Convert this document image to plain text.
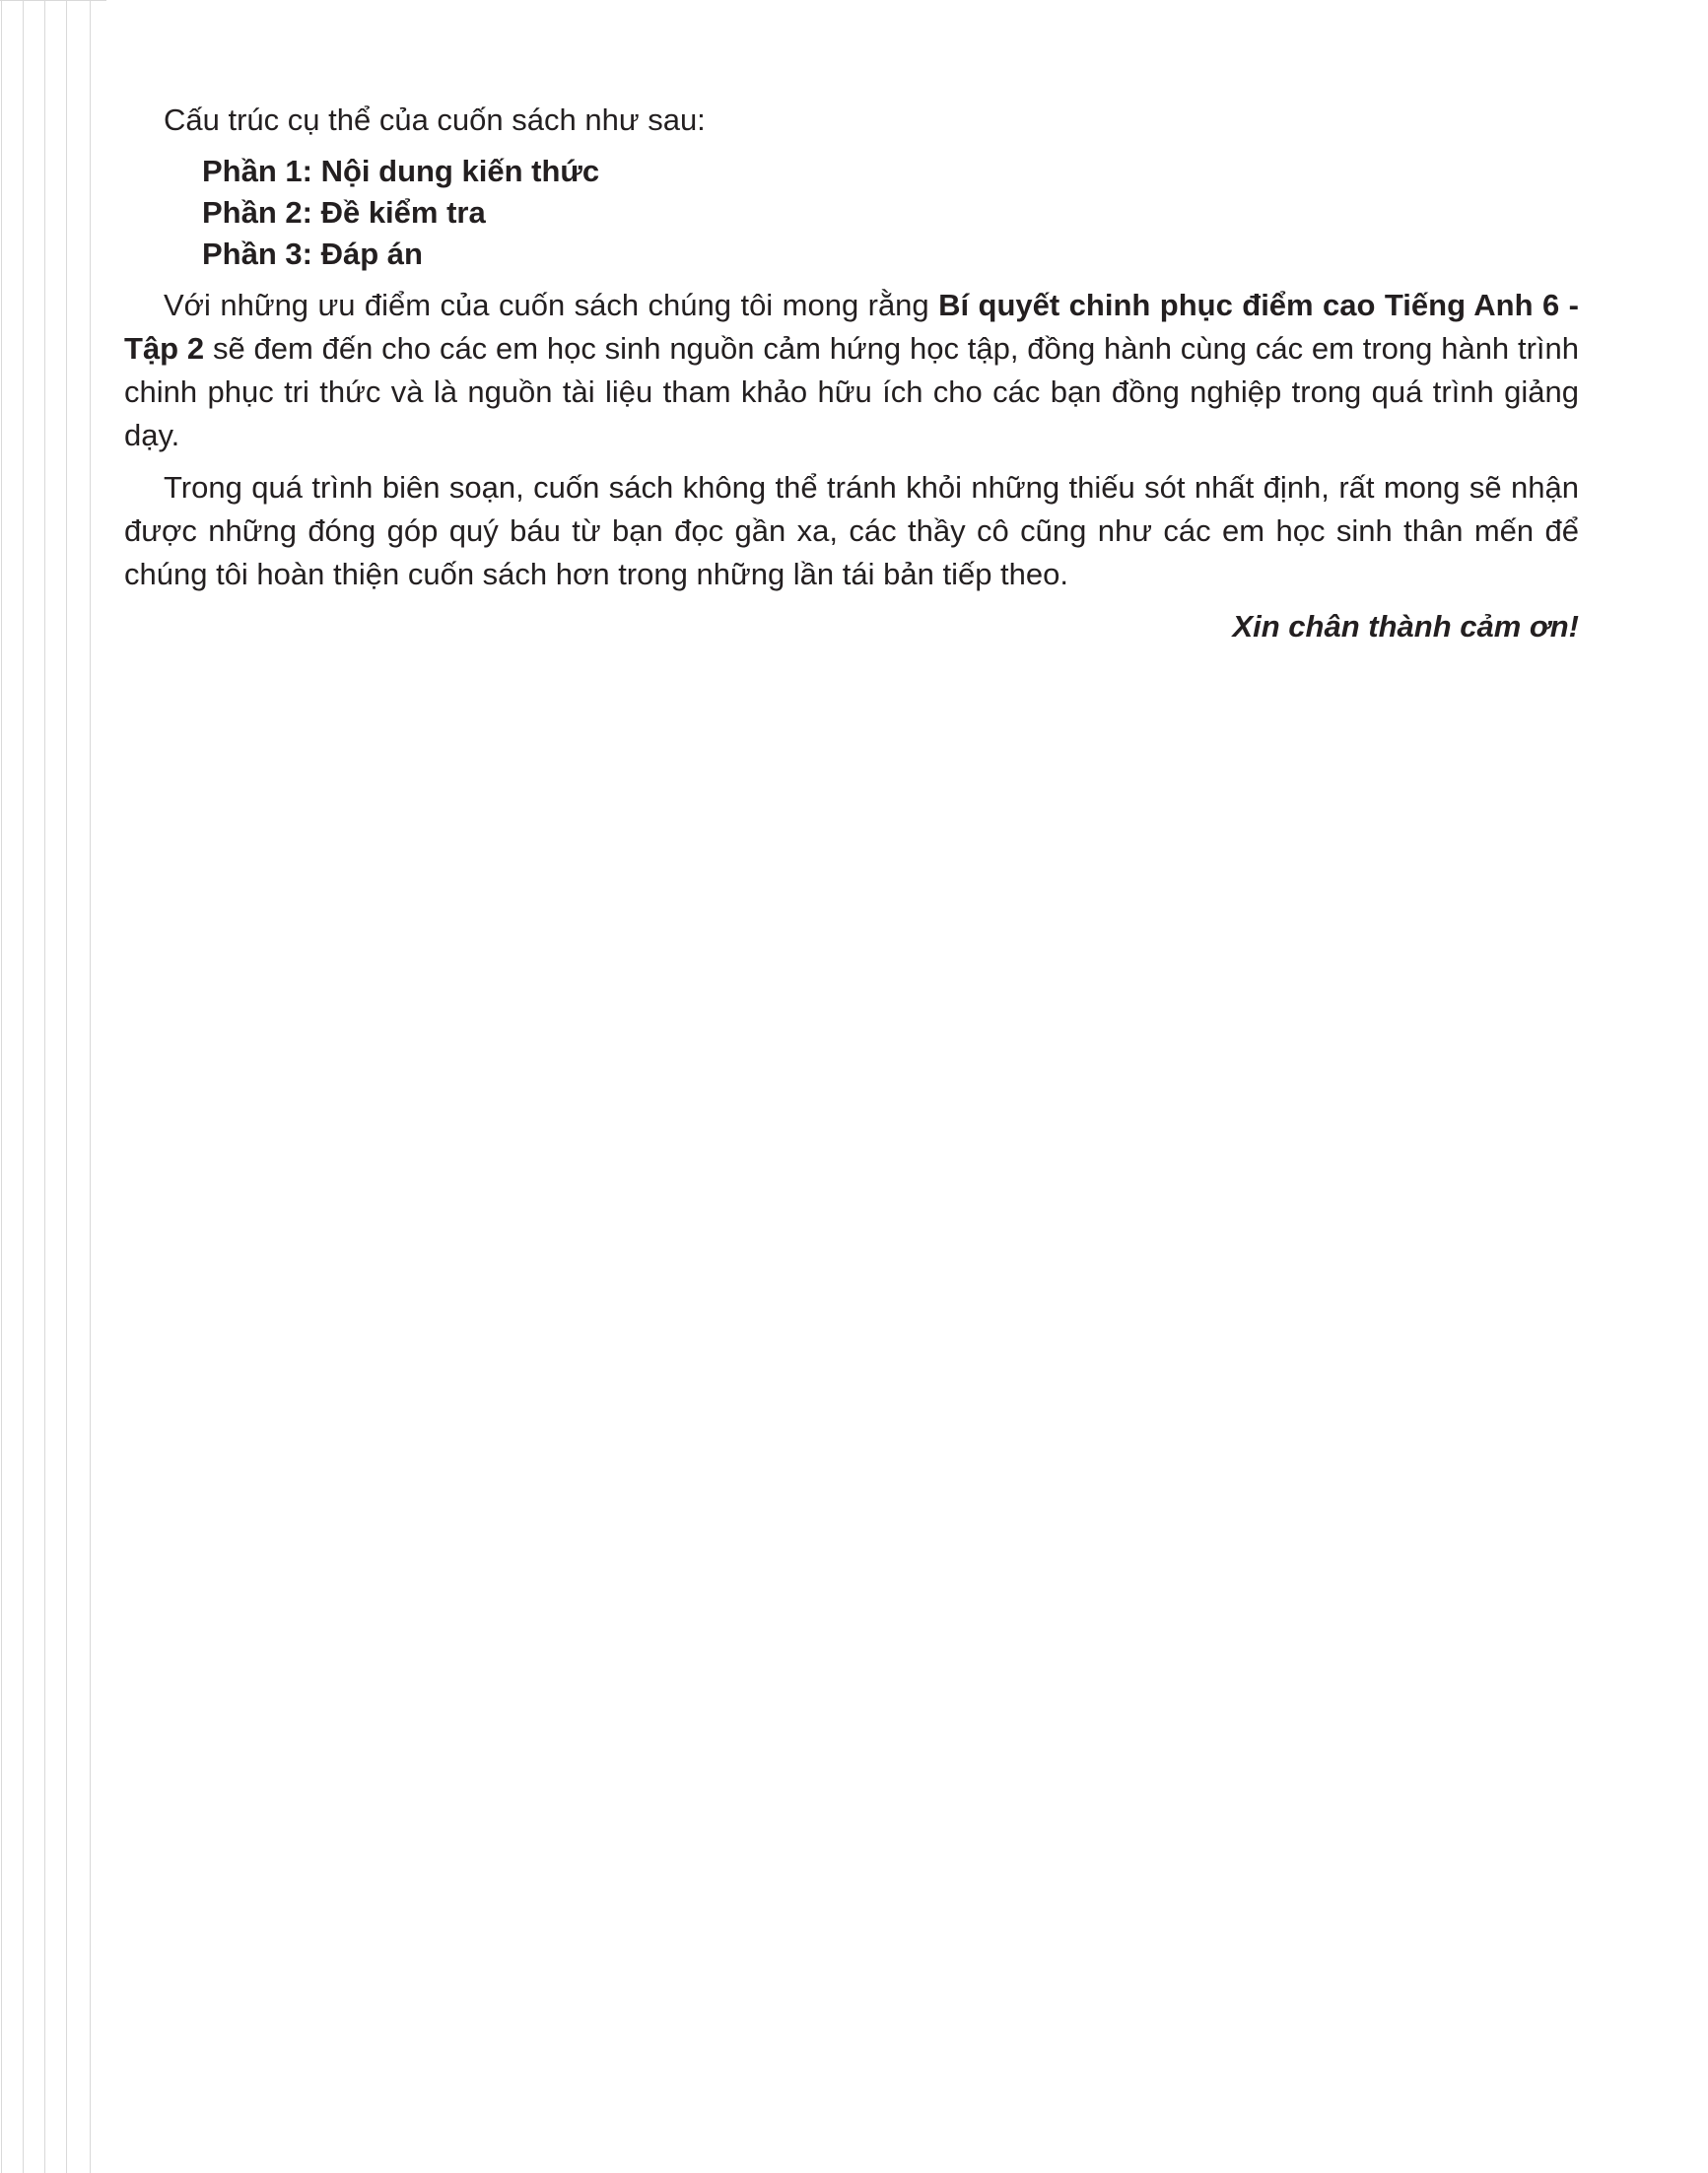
Cấu trúc cụ thể của cuốn sách như sau:

Phần 1: Nội dung kiến thức
Phần 2: Đề kiểm tra
Phần 3: Đáp án

Với những ưu điểm của cuốn sách chúng tôi mong rằng Bí quyết chinh phục điểm cao Tiếng Anh 6 - Tập 2 sẽ đem đến cho các em học sinh nguồn cảm hứng học tập, đồng hành cùng các em trong hành trình chinh phục tri thức và là nguồn tài liệu tham khảo hữu ích cho các bạn đồng nghiệp trong quá trình giảng dạy.

Trong quá trình biên soạn, cuốn sách không thể tránh khỏi những thiếu sót nhất định, rất mong sẽ nhận được những đóng góp quý báu từ bạn đọc gần xa, các thầy cô cũng như các em học sinh thân mến để chúng tôi hoàn thiện cuốn sách hơn trong những lần tái bản tiếp theo.

Xin chân thành cảm ơn!
